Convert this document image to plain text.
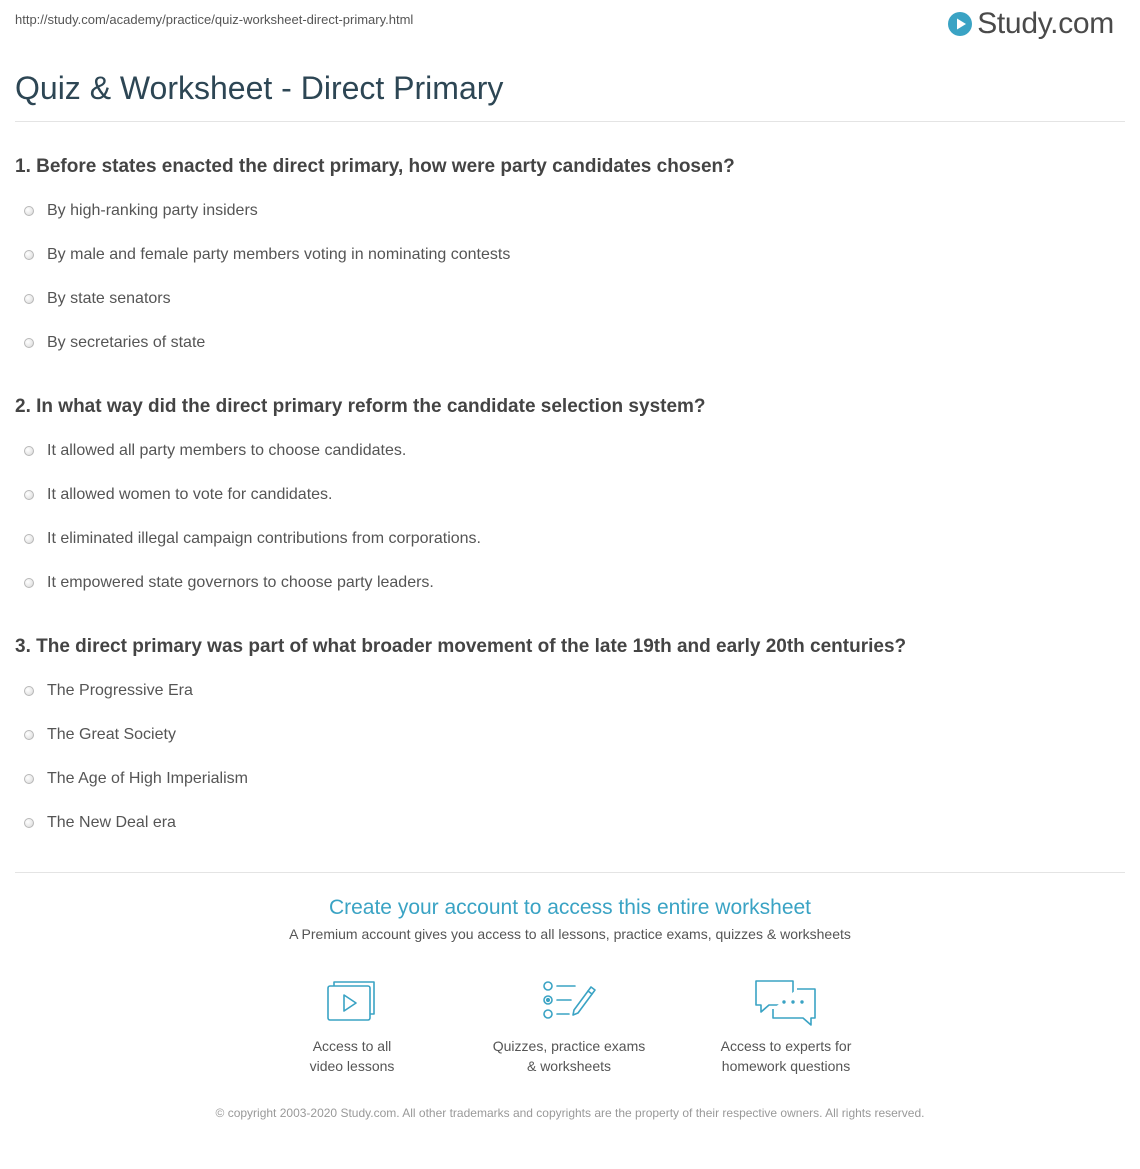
http://study.com/academy/practice/quiz-worksheet-direct-primary.html	Study.com
Quiz & Worksheet - Direct Primary

1. Before states enacted the direct primary, how were party candidates chosen?

By high-ranking party insiders
By male and female party members voting in nominating contests
By state senators
By secretaries of state

2. In what way did the direct primary reform the candidate selection system?

It allowed all party members to choose candidates.
It allowed women to vote for candidates.
It eliminated illegal campaign contributions from corporations.
It empowered state governors to choose party leaders.

3. The direct primary was part of what broader movement of the late 19th and early 20th centuries?

The Progressive Era
The Great Society
The Age of High Imperialism
The New Deal era
Create your account to access this entire worksheet
A Premium account gives you access to all lessons, practice exams, quizzes & worksheets
Access to all
video lessons
Quizzes, practice exams
& worksheets
Access to experts for
homework questions
© copyright 2003-2020 Study.com. All other trademarks and copyrights are the property of their respective owners. All rights reserved.
